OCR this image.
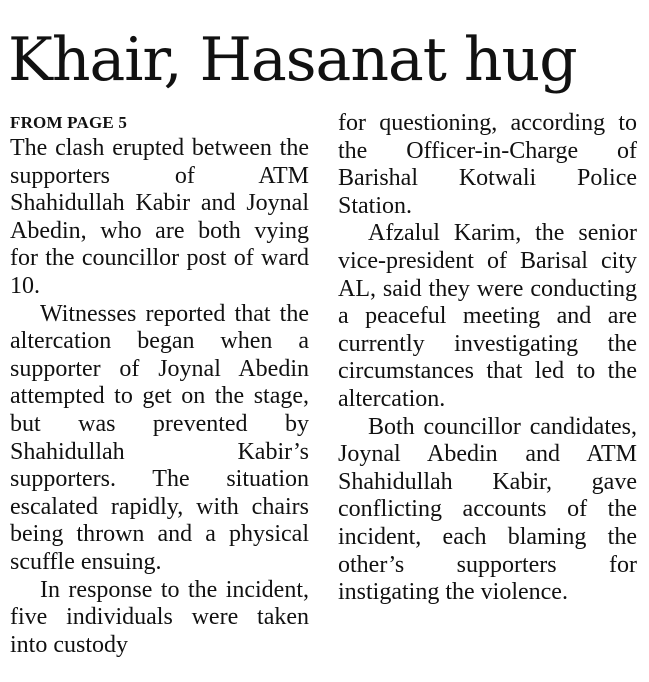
Khair, Hasanat hug
FROM PAGE 5

The clash erupted between the supporters of ATM Shahidullah Kabir and Joynal Abedin, who are both vying for the councillor post of ward 10.

Witnesses reported that the altercation began when a supporter of Joynal Abedin attempted to get on the stage, but was prevented by Shahidullah Kabir’s supporters. The situation escalated rapidly, with chairs being thrown and a physical scuffle ensuing.

In response to the incident, five individuals were taken into custody

for questioning, according to the Officer-in-Charge of Barishal Kotwali Police Station.

Afzalul Karim, the senior vice-president of Barisal city AL, said they were conducting a peaceful meeting and are currently investigating the circumstances that led to the altercation.

Both councillor candidates, Joynal Abedin and ATM Shahidullah Kabir, gave conflicting accounts of the incident, each blaming the other’s supporters for instigating the violence.
